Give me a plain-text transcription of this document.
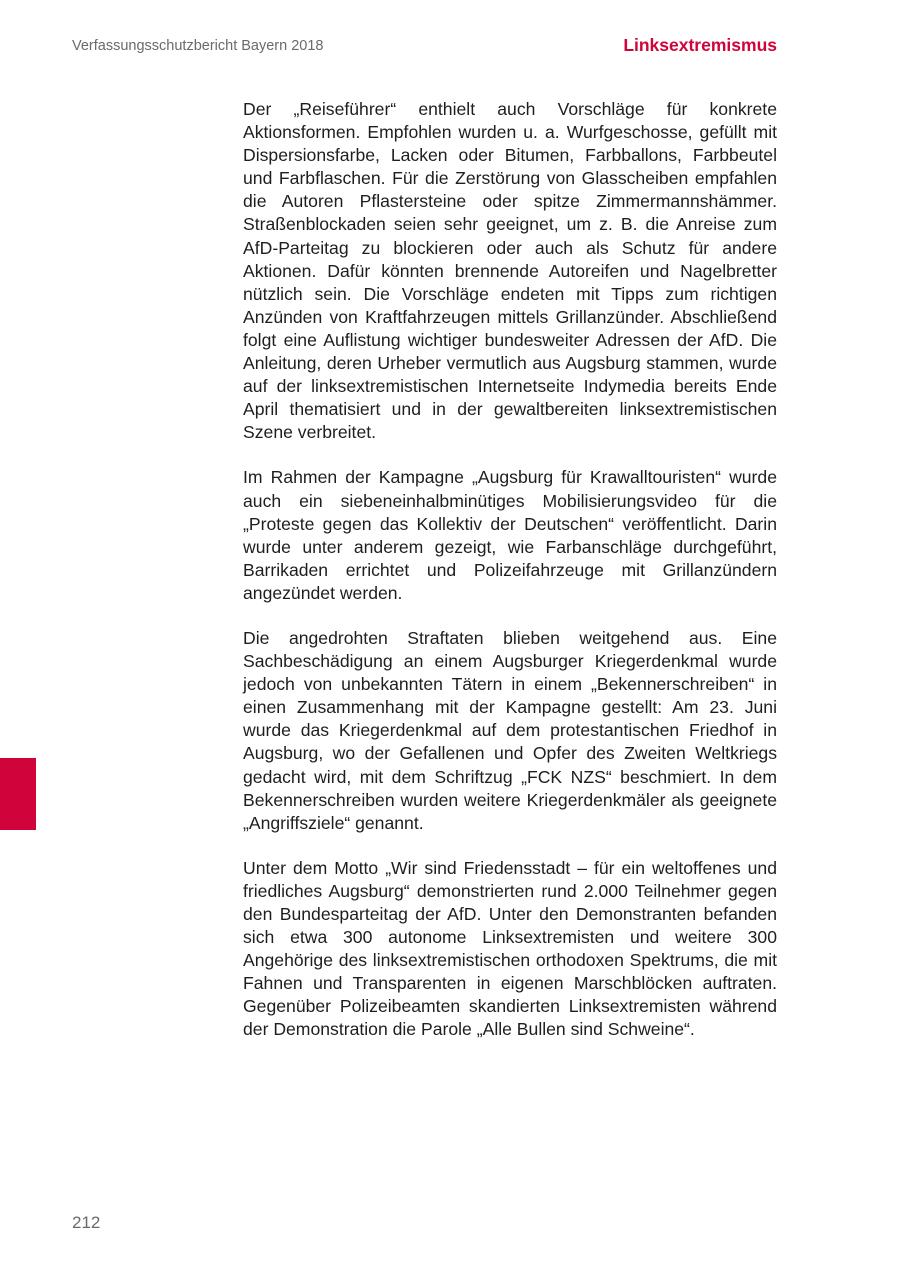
Verfassungsschutzbericht Bayern 2018	Linksextremismus

Der „Reiseführer“ enthielt auch Vorschläge für konkrete Aktionsformen. Empfohlen wurden u. a. Wurfgeschosse, gefüllt mit Dispersionsfarbe, Lacken oder Bitumen, Farbballons, Farbbeutel und Farbflaschen. Für die Zerstörung von Glasscheiben empfahlen die Autoren Pflastersteine oder spitze Zimmermannshämmer. Straßenblockaden seien sehr geeignet, um z. B. die Anreise zum AfD-Parteitag zu blockieren oder auch als Schutz für andere Aktionen. Dafür könnten brennende Autoreifen und Nagelbretter nützlich sein. Die Vorschläge endeten mit Tipps zum richtigen Anzünden von Kraftfahrzeugen mittels Grillanzünder. Abschließend folgt eine Auflistung wichtiger bundesweiter Adressen der AfD. Die Anleitung, deren Urheber vermutlich aus Augsburg stammen, wurde auf der linksextremistischen Internetseite Indymedia bereits Ende April thematisiert und in der gewaltbereiten linksextremistischen Szene verbreitet.

Im Rahmen der Kampagne „Augsburg für Krawalltouristen“ wurde auch ein siebeneinhalbminütiges Mobilisierungsvideo für die „Proteste gegen das Kollektiv der Deutschen“ veröffentlicht. Darin wurde unter anderem gezeigt, wie Farbanschläge durchgeführt, Barrikaden errichtet und Polizeifahrzeuge mit Grillanzündern angezündet werden.

Die angedrohten Straftaten blieben weitgehend aus. Eine Sachbeschädigung an einem Augsburger Kriegerdenkmal wurde jedoch von unbekannten Tätern in einem „Bekennerschreiben“ in einen Zusammenhang mit der Kampagne gestellt: Am 23. Juni wurde das Kriegerdenkmal auf dem protestantischen Friedhof in Augsburg, wo der Gefallenen und Opfer des Zweiten Weltkriegs gedacht wird, mit dem Schriftzug „FCK NZS“ beschmiert. In dem Bekennerschreiben wurden weitere Kriegerdenkmäler als geeignete „Angriffsziele“ genannt.

Unter dem Motto „Wir sind Friedensstadt – für ein weltoffenes und friedliches Augsburg“ demonstrierten rund 2.000 Teilnehmer gegen den Bundesparteitag der AfD. Unter den Demonstranten befanden sich etwa 300 autonome Linksextremisten und weitere 300 Angehörige des linksextremistischen orthodoxen Spektrums, die mit Fahnen und Transparenten in eigenen Marschblöcken auftraten. Gegenüber Polizeibeamten skandierten Linksextremisten während der Demonstration die Parole „Alle Bullen sind Schweine“.

212
